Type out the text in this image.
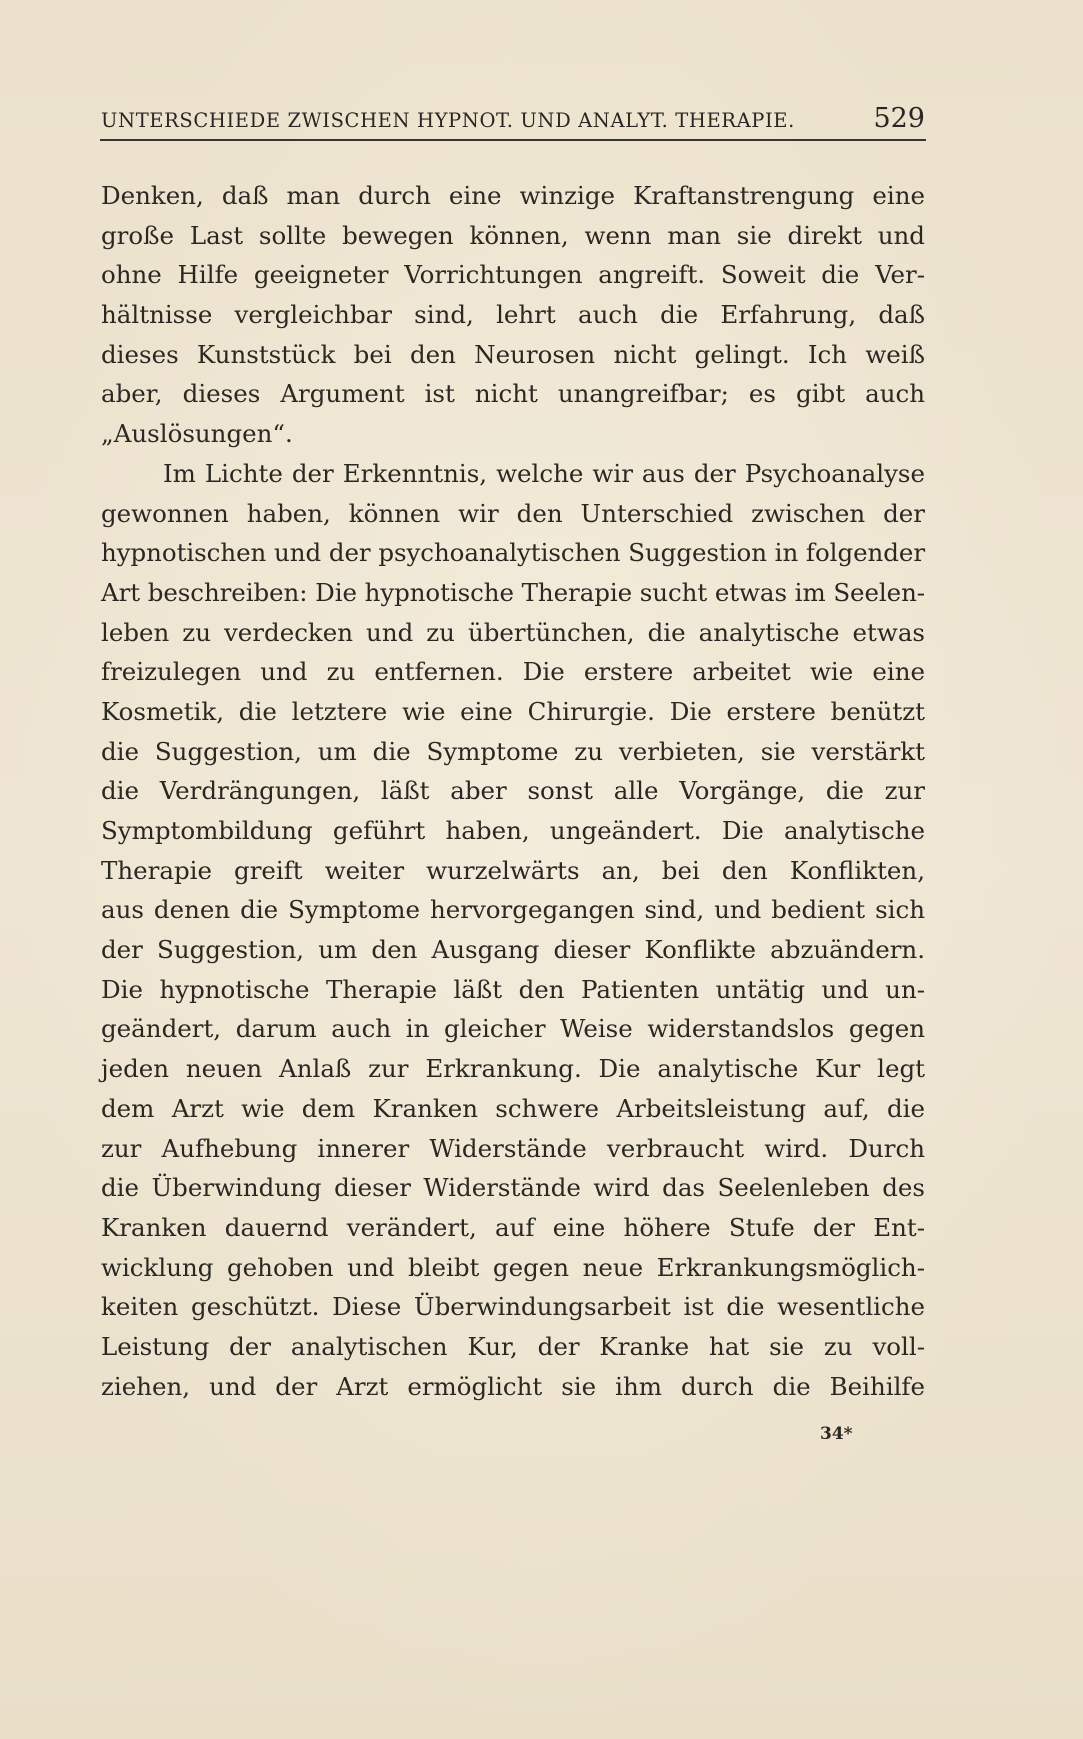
UNTERSCHIEDE ZWISCHEN HYPNOT. UND ANALYT. THERAPIE.	529
Denken, daß man durch eine winzige Kraftanstrengung eine
große Last sollte bewegen können, wenn man sie direkt und
ohne Hilfe geeigneter Vorrichtungen angreift. Soweit die Ver-
hältnisse vergleichbar sind, lehrt auch die Erfahrung, daß
dieses Kunststück bei den Neurosen nicht gelingt. Ich weiß
aber, dieses Argument ist nicht unangreifbar; es gibt auch
„Auslösungen“.
Im Lichte der Erkenntnis, welche wir aus der Psychoanalyse
gewonnen haben, können wir den Unterschied zwischen der
hypnotischen und der psychoanalytischen Suggestion in folgender
Art beschreiben: Die hypnotische Therapie sucht etwas im Seelen-
leben zu verdecken und zu übertünchen, die analytische etwas
freizulegen und zu entfernen. Die erstere arbeitet wie eine
Kosmetik, die letztere wie eine Chirurgie. Die erstere benützt
die Suggestion, um die Symptome zu verbieten, sie verstärkt
die Verdrängungen, läßt aber sonst alle Vorgänge, die zur
Symptombildung geführt haben, ungeändert. Die analytische
Therapie greift weiter wurzelwärts an, bei den Konflikten,
aus denen die Symptome hervorgegangen sind, und bedient sich
der Suggestion, um den Ausgang dieser Konflikte abzuändern.
Die hypnotische Therapie läßt den Patienten untätig und un-
geändert, darum auch in gleicher Weise widerstandslos gegen
jeden neuen Anlaß zur Erkrankung. Die analytische Kur legt
dem Arzt wie dem Kranken schwere Arbeitsleistung auf, die
zur Aufhebung innerer Widerstände verbraucht wird. Durch
die Überwindung dieser Widerstände wird das Seelenleben des
Kranken dauernd verändert, auf eine höhere Stufe der Ent-
wicklung gehoben und bleibt gegen neue Erkrankungsmöglich-
keiten geschützt. Diese Überwindungsarbeit ist die wesentliche
Leistung der analytischen Kur, der Kranke hat sie zu voll-
ziehen, und der Arzt ermöglicht sie ihm durch die Beihilfe
34*
